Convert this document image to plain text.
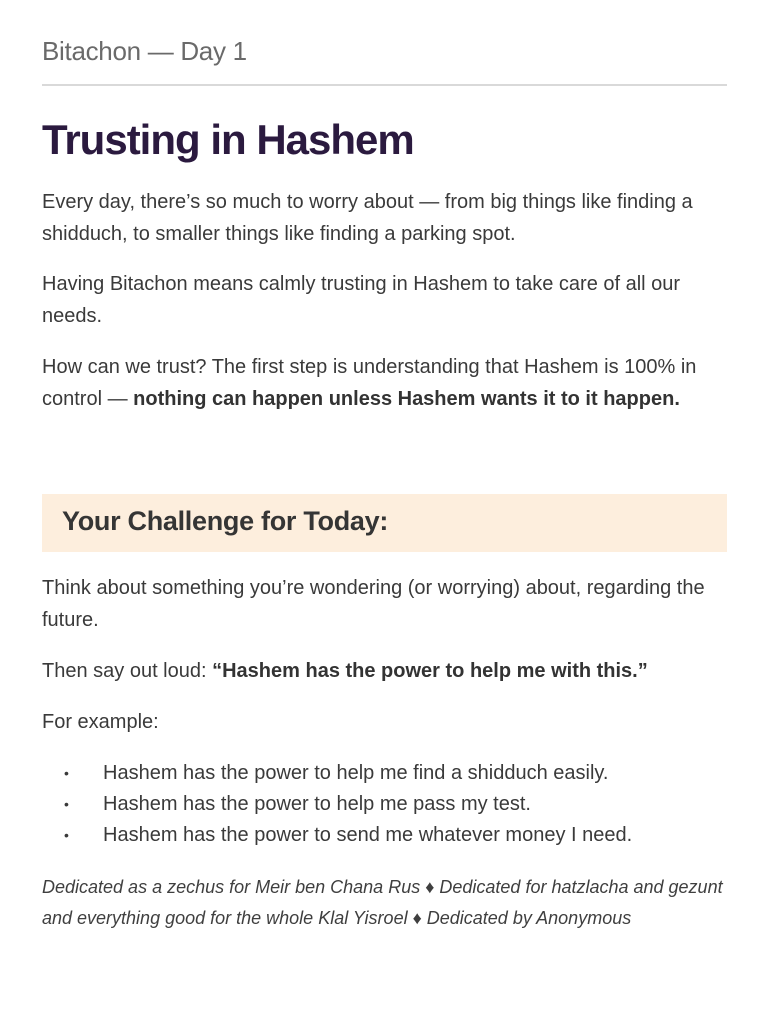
Bitachon — Day 1
Trusting in Hashem

Every day, there’s so much to worry about — from big things like finding a shidduch, to smaller things like finding a parking spot.

Having Bitachon means calmly trusting in Hashem to take care of all our needs.

How can we trust? The first step is understanding that Hashem is 100% in control — nothing can happen unless Hashem wants it to it happen.

Your Challenge for Today:

Think about something you’re wondering (or worrying) about, regarding the future.

Then say out loud: “Hashem has the power to help me with this.”

For example:

• Hashem has the power to help me find a shidduch easily.
• Hashem has the power to help me pass my test.
• Hashem has the power to send me whatever money I need.

Dedicated as a zechus for Meir ben Chana Rus ♦ Dedicated for hatzlacha and gezunt and everything good for the whole Klal Yisroel ♦ Dedicated by Anonymous
